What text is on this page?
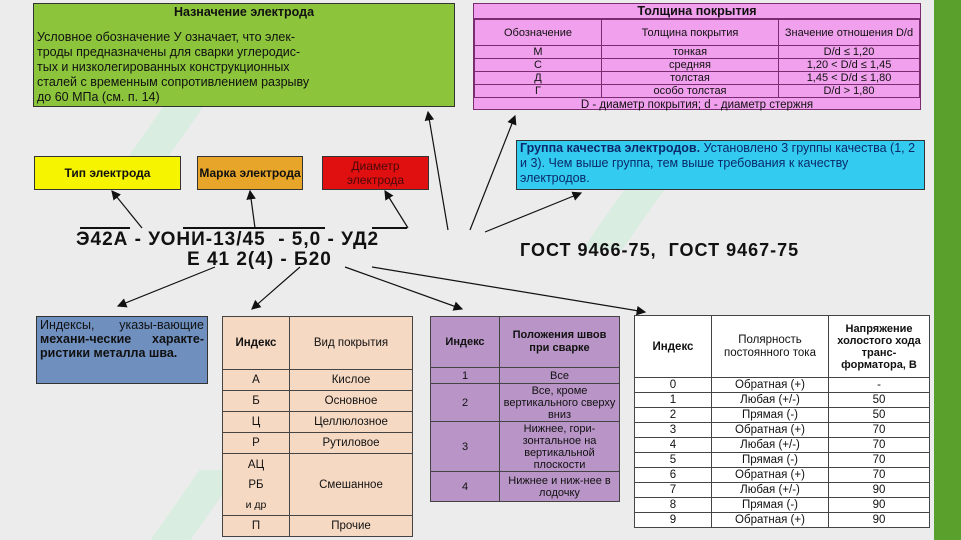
Назначение электрода
Условное обозначение У означает, что элек-
троды предназначены для сварки углеродис-
тых и низколегированных конструкционных
сталей с временным сопротивлением разрыву
до 60 МПа (см. п. 14)
Толщина покрытия
Обозначение	Толщина покрытия	Значение отношения D/d
М	тонкая	D/d ≤ 1,20
С	средняя	1,20 < D/d ≤ 1,45
Д	толстая	1,45 < D/d ≤ 1,80
Г	особо толстая	D/d > 1,80
D - диаметр покрытия; d - диаметр стержня
Тип электрода	Марка электрода	Диаметр электрода
Группа качества электродов. Установлено 3 группы качества (1, 2 и 3). Чем выше группа, тем выше требования к качеству электродов.
Э42А - УОНИ-13/45  - 5,0 - УД2
Е 41 2(4) - Б20	ГОСТ 9466-75,  ГОСТ 9467-75
Индексы, указы-вающие механи-ческие характе-ристики металла шва.
Индекс	Вид покрытия
А	Кислое
Б	Основное
Ц	Целлюлозное
Р	Рутиловое

АЦ
РБ
и др	Смешанное
П	Прочие
Индекс	Положения швов при сварке
1	Все
2	Все, кроме вертикального сверху вниз
3	Нижнее, гори-зонтальное на вертикальной плоскости
4	Нижнее и ниж-нее в лодочку
Индекс	Полярность постоянного тока	Напряжение холостого хода транс-форматора, В
0	Обратная (+)	-
1	Любая (+/-)	50
2	Прямая (-)	50
3	Обратная (+)	70
4	Любая (+/-)	70
5	Прямая (-)	70
6	Обратная (+)	70
7	Любая (+/-)	90
8	Прямая (-)	90
9	Обратная (+)	90
